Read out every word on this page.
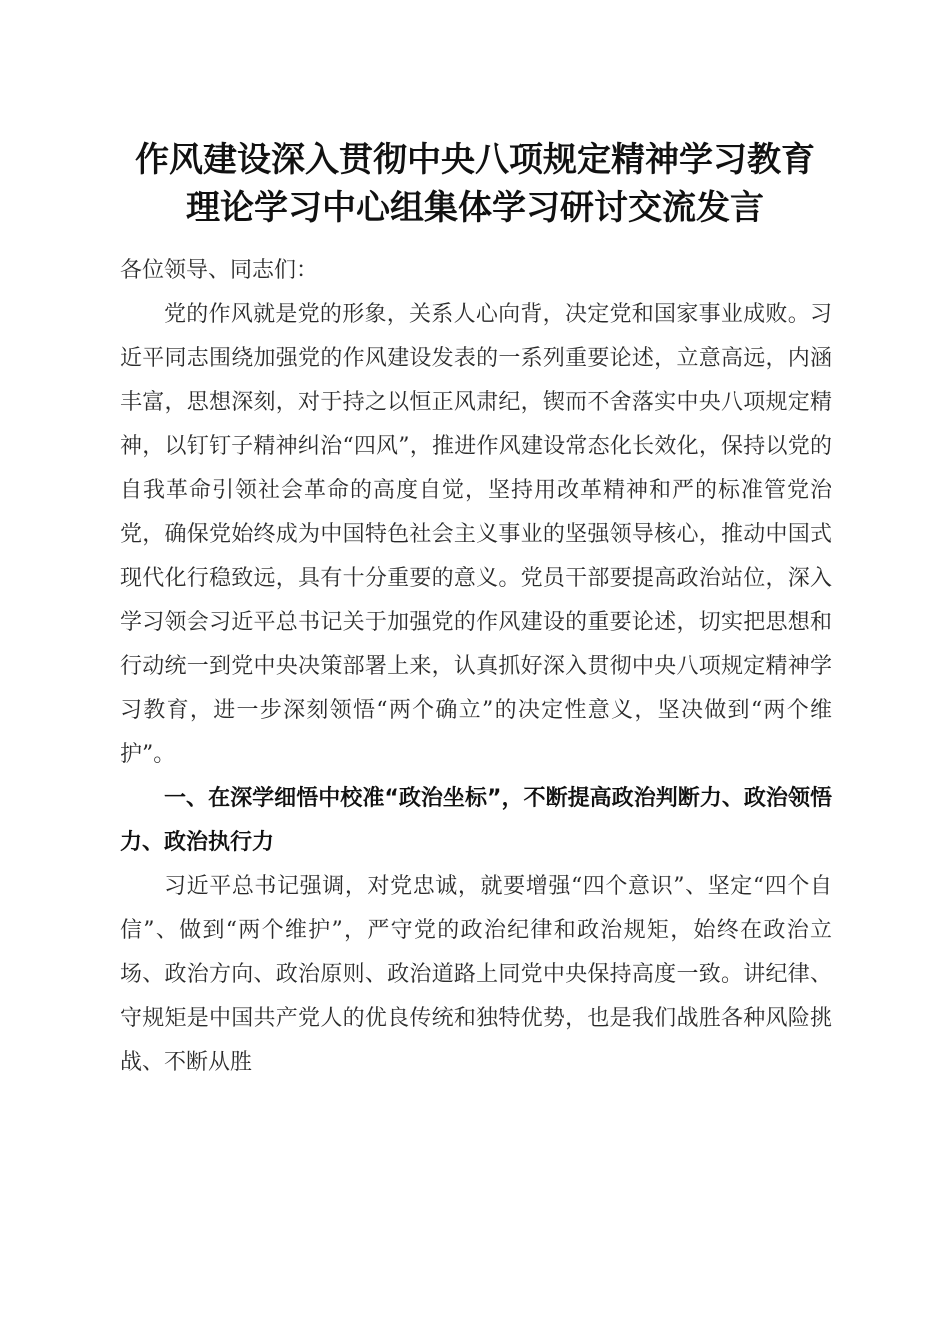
作风建设深入贯彻中央八项规定精神学习教育
理论学习中心组集体学习研讨交流发言

各位领导、同志们：

党的作风就是党的形象，关系人心向背，决定党和国家事业成败。习近平同志围绕加强党的作风建设发表的一系列重要论述，立意高远，内涵丰富，思想深刻，对于持之以恒正风肃纪，锲而不舍落实中央八项规定精神，以钉钉子精神纠治“四风”，推进作风建设常态化长效化，保持以党的自我革命引领社会革命的高度自觉，坚持用改革精神和严的标准管党治党，确保党始终成为中国特色社会主义事业的坚强领导核心，推动中国式现代化行稳致远，具有十分重要的意义。党员干部要提高政治站位，深入学习领会习近平总书记关于加强党的作风建设的重要论述，切实把思想和行动统一到党中央决策部署上来，认真抓好深入贯彻中央八项规定精神学习教育，进一步深刻领悟“两个确立”的决定性意义，坚决做到“两个维护”。

一、在深学细悟中校准“政治坐标”，不断提高政治判断力、政治领悟力、政治执行力

习近平总书记强调，对党忠诚，就要增强“四个意识”、坚定“四个自信”、做到“两个维护”，严守党的政治纪律和政治规矩，始终在政治立场、政治方向、政治原则、政治道路上同党中央保持高度一致。讲纪律、守规矩是中国共产党人的优良传统和独特优势，也是我们战胜各种风险挑战、不断从胜
